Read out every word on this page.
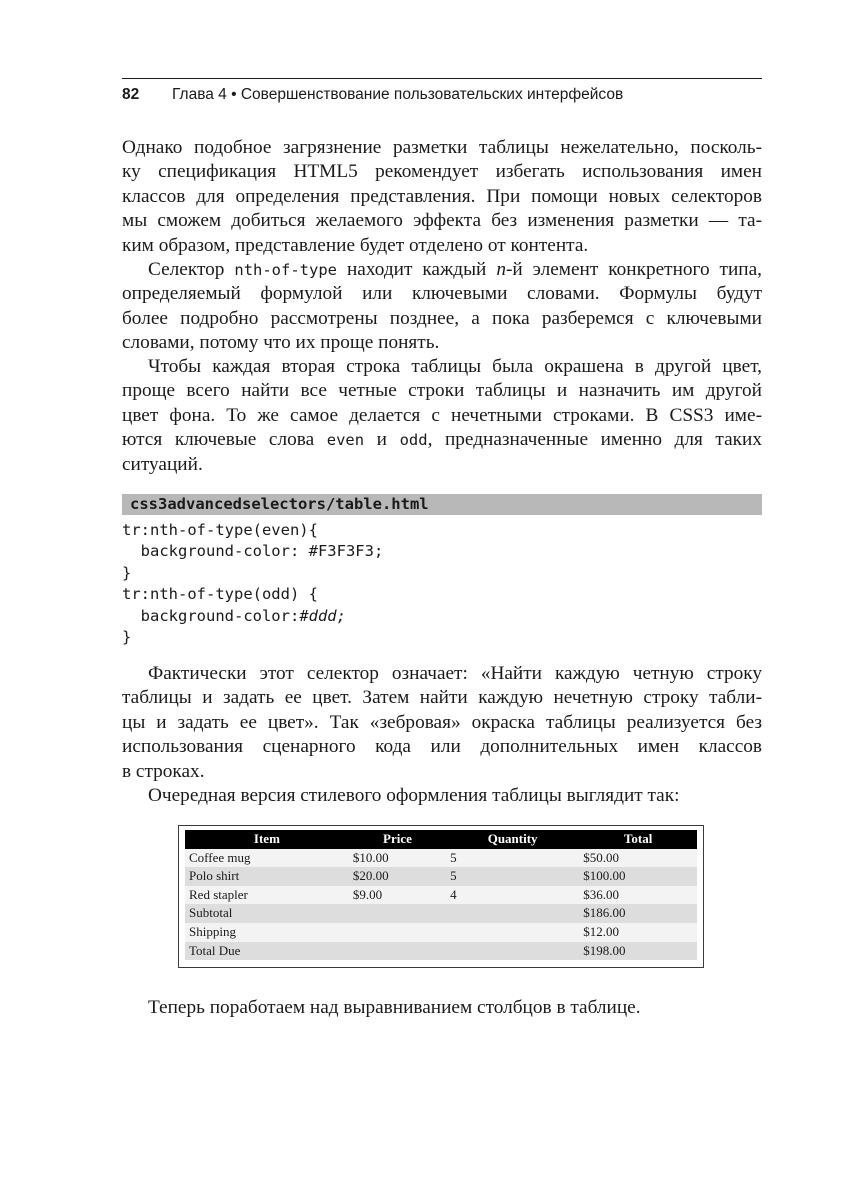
82 Глава 4 • Совершенствование пользовательских интерфейсов
Однако подобное загрязнение разметки таблицы нежелательно, посколь-
ку спецификация HTML5 рекомендует избегать использования имен
классов для определения представления. При помощи новых селекторов
мы сможем добиться желаемого эффекта без изменения разметки — та-
ким образом, представление будет отделено от контента.
Селектор nth-of-type находит каждый n-й элемент конкретного типа,
определяемый формулой или ключевыми словами. Формулы будут
более подробно рассмотрены позднее, а пока разберемся с ключевыми
словами, потому что их проще понять.
Чтобы каждая вторая строка таблицы была окрашена в другой цвет,
проще всего найти все четные строки таблицы и назначить им другой
цвет фона. То же самое делается с нечетными строками. В CSS3 име-
ются ключевые слова even и odd, предназначенные именно для таких
ситуаций.
css3advancedselectors/table.html
tr:nth-of-type(even){
background-color: #F3F3F3;
}
tr:nth-of-type(odd) {
background-color:#ddd;
}
Фактически этот селектор означает: «Найти каждую четную строку
таблицы и задать ее цвет. Затем найти каждую нечетную строку табли-
цы и задать ее цвет». Так «зебровая» окраска таблицы реализуется без
использования сценарного кода или дополнительных имен классов
в строках.
Очередная версия стилевого оформления таблицы выглядит так:
Item	Price	Quantity	Total
Coffee mug	$10.00	5	$50.00
Polo shirt	$20.00	5	$100.00
Red stapler	$9.00	4	$36.00
Subtotal			$186.00
Shipping			$12.00
Total Due			$198.00
Теперь поработаем над выравниванием столбцов в таблице.
